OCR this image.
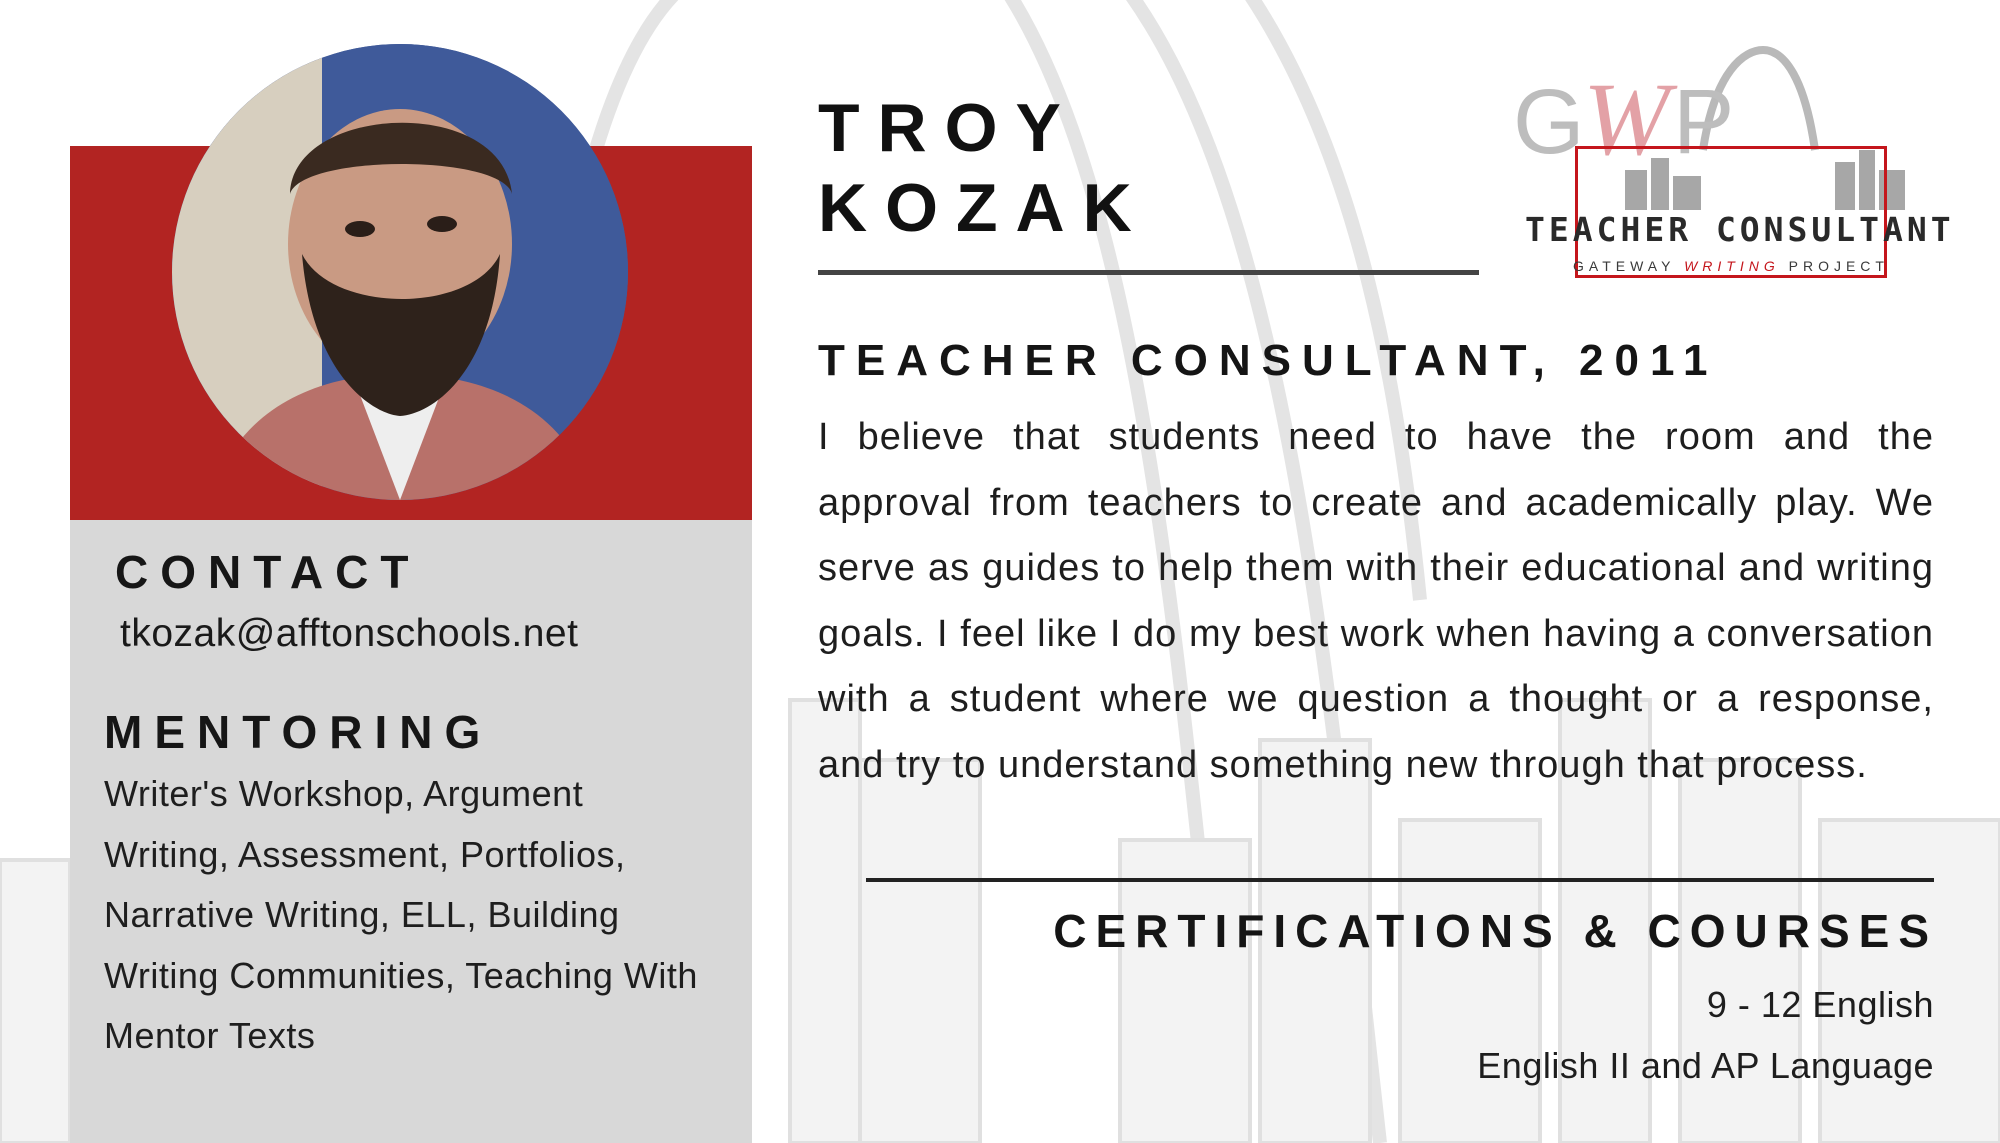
CONTACT
tkozak@afftonschools.net
MENTORING
Writer's Workshop, Argument Writing, Assessment, Portfolios, Narrative Writing, ELL, Building Writing Communities, Teaching With Mentor Texts
TROY
KOZAK
TEACHER CONSULTANT, 2011
I believe that students need to have the room and the approval from teachers to create and academically play. We serve as guides to help them with their educational and writing goals. I feel like I do my best work when having a conversation with a student where we question a thought or a response, and try to understand something new through that process.
CERTIFICATIONS & COURSES
9 - 12 English
English II and AP Language
G
W P
TEACHER CONSULTANT
GATEWAY WRITING PROJECT
